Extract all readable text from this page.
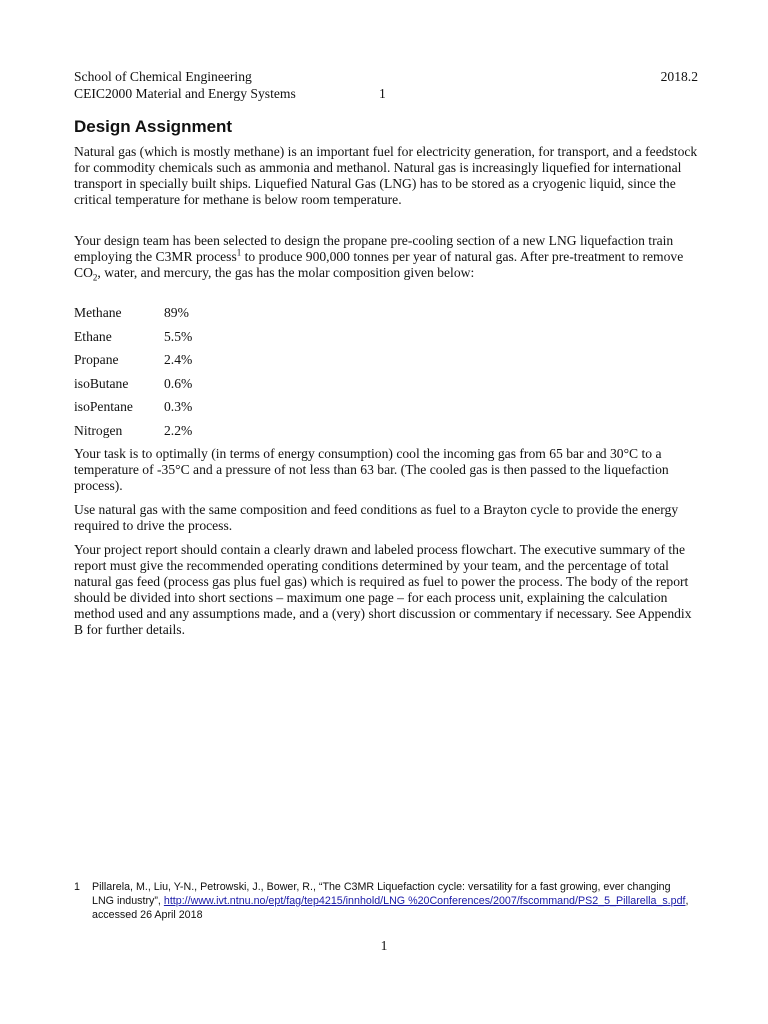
School of Chemical Engineering	2018.2
CEIC2000 Material and Energy Systems	1
Design Assignment

Natural gas (which is mostly methane) is an important fuel for electricity generation, for transport, and a feedstock for commodity chemicals such as ammonia and methanol. Natural gas is increasingly liquefied for international transport in specially built ships. Liquefied Natural Gas (LNG) has to be stored as a cryogenic liquid, since the critical temperature for methane is below room temperature.

Your design team has been selected to design the propane pre-cooling section of a new LNG liquefaction train employing the C3MR process$^1$ to produce 900,000 tonnes per year of natural gas. After pre-treatment to remove $CO_2$, water, and mercury, the gas has the molar composition given below:

Methane	89%
Ethane	5.5%
Propane	2.4%
isoButane	0.6%
isoPentane	0.3%
Nitrogen	2.2%

Your task is to optimally (in terms of energy consumption) cool the incoming gas from 65 bar and 30°C to a temperature of -35°C and a pressure of not less than 63 bar. (The cooled gas is then passed to the liquefaction process).

Use natural gas with the same composition and feed conditions as fuel to a Brayton cycle to provide the energy required to drive the process.

Your project report should contain a clearly drawn and labeled process flowchart. The executive summary of the report must give the recommended operating conditions determined by your team, and the percentage of total natural gas feed (process gas plus fuel gas) which is required as fuel to power the process. The body of the report should be divided into short sections – maximum one page – for each process unit, explaining the calculation method used and any assumptions made, and a (very) short discussion or commentary if necessary. See Appendix B for further details.

1	Pillarela, M., Liu, Y-N., Petrowski, J., Bower, R., “The C3MR Liquefaction cycle: versatility for a fast growing, ever changing LNG industry”, http://www.ivt.ntnu.no/ept/fag/tep4215/innhold/LNG %20Conferences/2007/fscommand/PS2_5_Pillarella_s.pdf, accessed 26 April 2018
1
